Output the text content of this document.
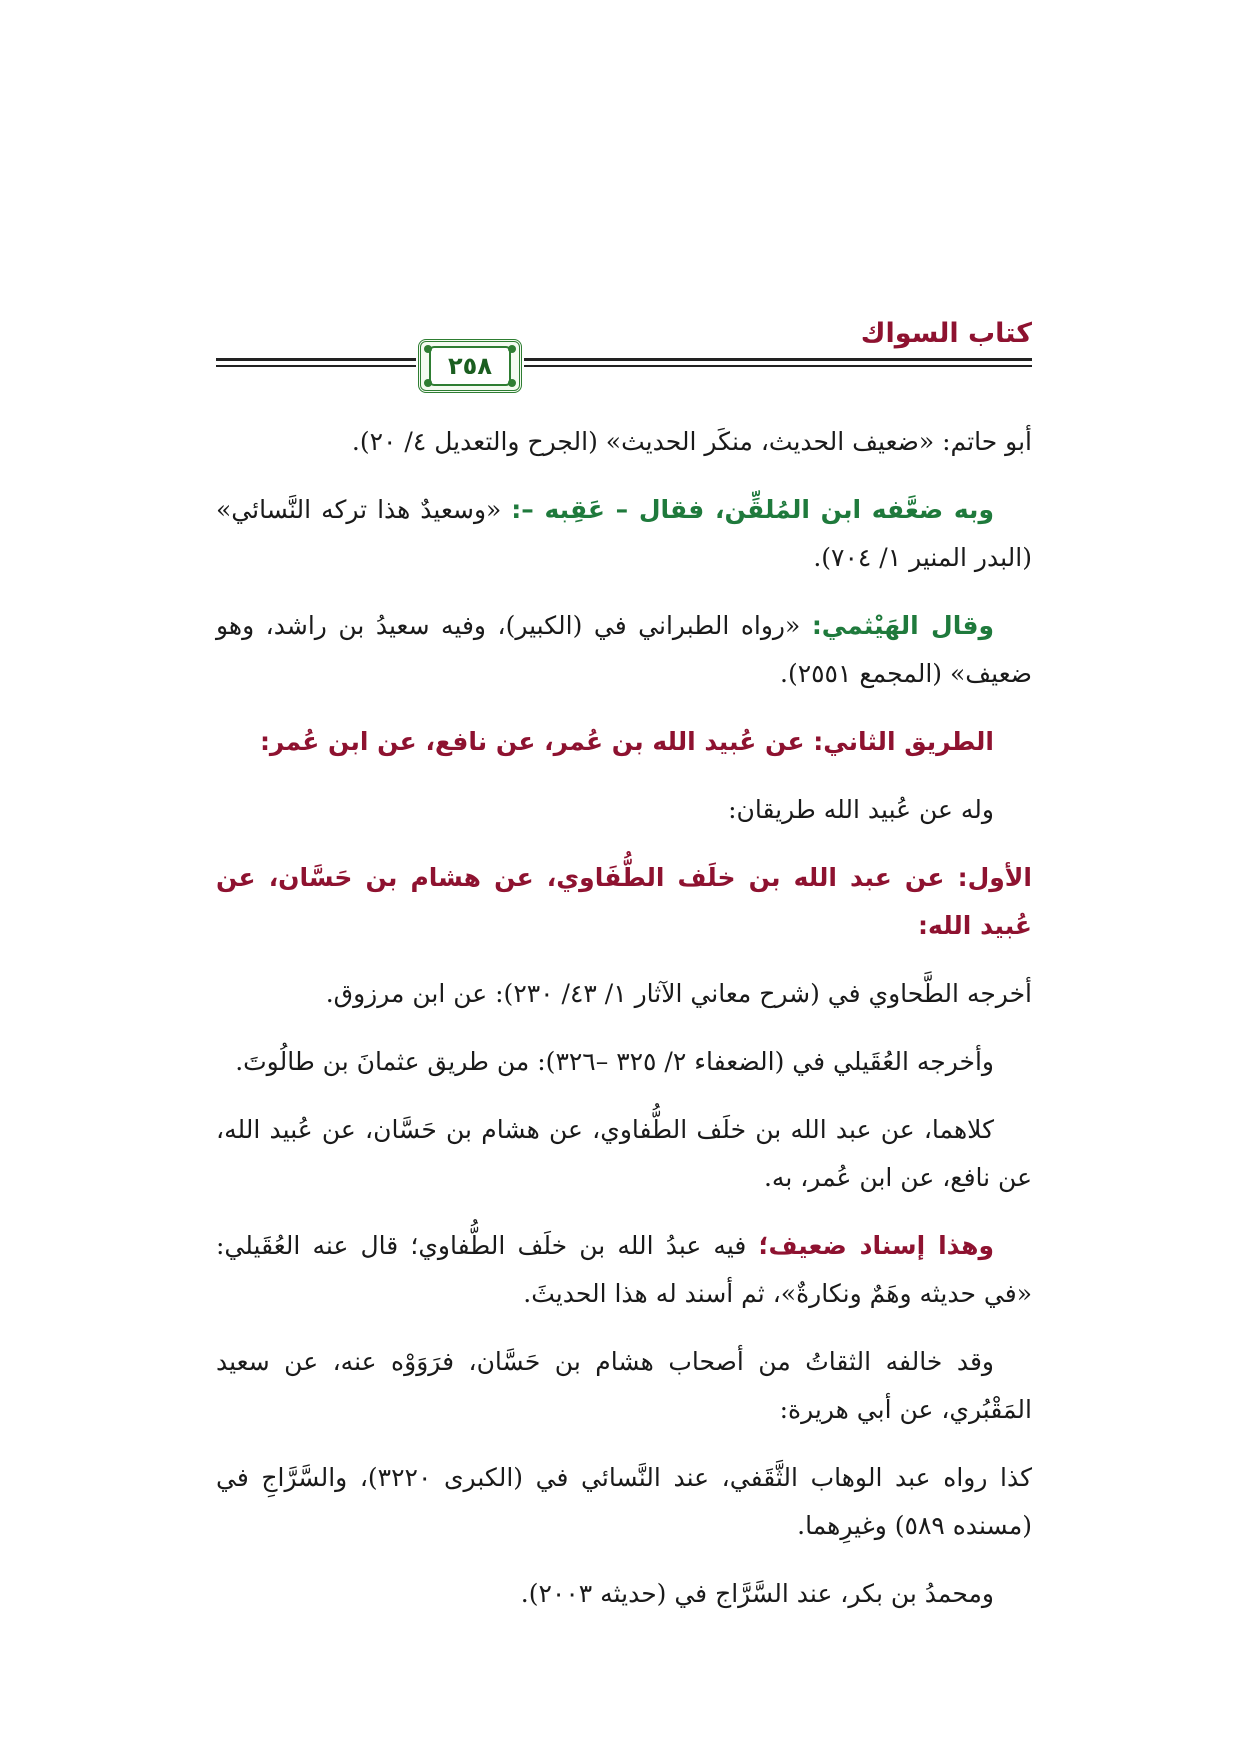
كتاب السواك
٢٥٨

أبو حاتم: «ضعيف الحديث، منكَر الحديث» (الجرح والتعديل ٤/ ٢٠).

وبه ضعَّفه ابن المُلقِّن، فقال – عَقِبه –: «وسعيدٌ هذا تركه النَّسائي» (البدر المنير ١/ ٧٠٤).

وقال الهَيْثمي: «رواه الطبراني في (الكبير)، وفيه سعيدُ بن راشد، وهو ضعيف» (المجمع ٢٥٥١).

الطريق الثاني: عن عُبيد الله بن عُمر، عن نافع، عن ابن عُمر:

وله عن عُبيد الله طريقان:

الأول: عن عبد الله بن خلَف الطُّفَاوي، عن هشام بن حَسَّان، عن عُبيد الله:

أخرجه الطَّحاوي في (شرح معاني الآثار ١/ ٤٣/ ٢٣٠): عن ابن مرزوق.

وأخرجه العُقَيلي في (الضعفاء ٢/ ٣٢٥ –٣٢٦): من طريق عثمانَ بن طالُوتَ.

كلاهما، عن عبد الله بن خلَف الطُّفاوي، عن هشام بن حَسَّان، عن عُبيد الله، عن نافع، عن ابن عُمر، به.

وهذا إسناد ضعيف؛ فيه عبدُ الله بن خلَف الطُّفاوي؛ قال عنه العُقَيلي: «في حديثه وهَمٌ ونكارةٌ»، ثم أسند له هذا الحديثَ.

وقد خالفه الثقاتُ من أصحاب هشام بن حَسَّان، فرَوَوْه عنه، عن سعيد المَقْبُري، عن أبي هريرة:

كذا رواه عبد الوهاب الثَّقَفي، عند النَّسائي في (الكبرى ٣٢٢٠)، والسَّرَّاجِ في (مسنده ٥٨٩) وغيرِهما.

ومحمدُ بن بكر، عند السَّرَّاج في (حديثه ٢٠٠٣).
